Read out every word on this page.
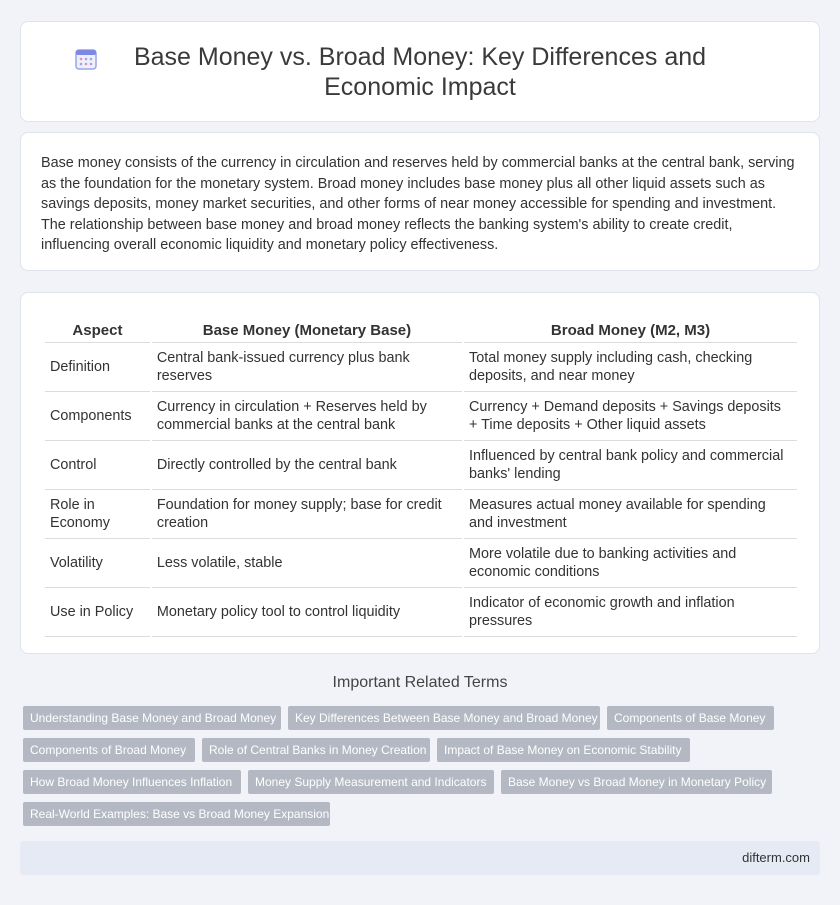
Base Money vs. Broad Money: Key Differences and Economic Impact

Base money consists of the currency in circulation and reserves held by commercial banks at the central bank, serving as the foundation for the monetary system. Broad money includes base money plus all other liquid assets such as savings deposits, money market securities, and other forms of near money accessible for spending and investment. The relationship between base money and broad money reflects the banking system's ability to create credit, influencing overall economic liquidity and monetary policy effectiveness.

Aspect	Base Money (Monetary Base)	Broad Money (M2, M3)
Definition	Central bank-issued currency plus bank reserves	Total money supply including cash, checking deposits, and near money
Components	Currency in circulation + Reserves held by commercial banks at the central bank	Currency + Demand deposits + Savings deposits + Time deposits + Other liquid assets
Control	Directly controlled by the central bank	Influenced by central bank policy and commercial banks' lending
Role in Economy	Foundation for money supply; base for credit creation	Measures actual money available for spending and investment
Volatility	Less volatile, stable	More volatile due to banking activities and economic conditions
Use in Policy	Monetary policy tool to control liquidity	Indicator of economic growth and inflation pressures
Important Related Terms
Understanding Base Money and Broad Money	Key Differences Between Base Money and Broad Money	Components of Base Money
Components of Broad Money	Role of Central Banks in Money Creation	Impact of Base Money on Economic Stability
How Broad Money Influences Inflation	Money Supply Measurement and Indicators	Base Money vs Broad Money in Monetary Policy
Real-World Examples: Base vs Broad Money Expansion
difterm.com
